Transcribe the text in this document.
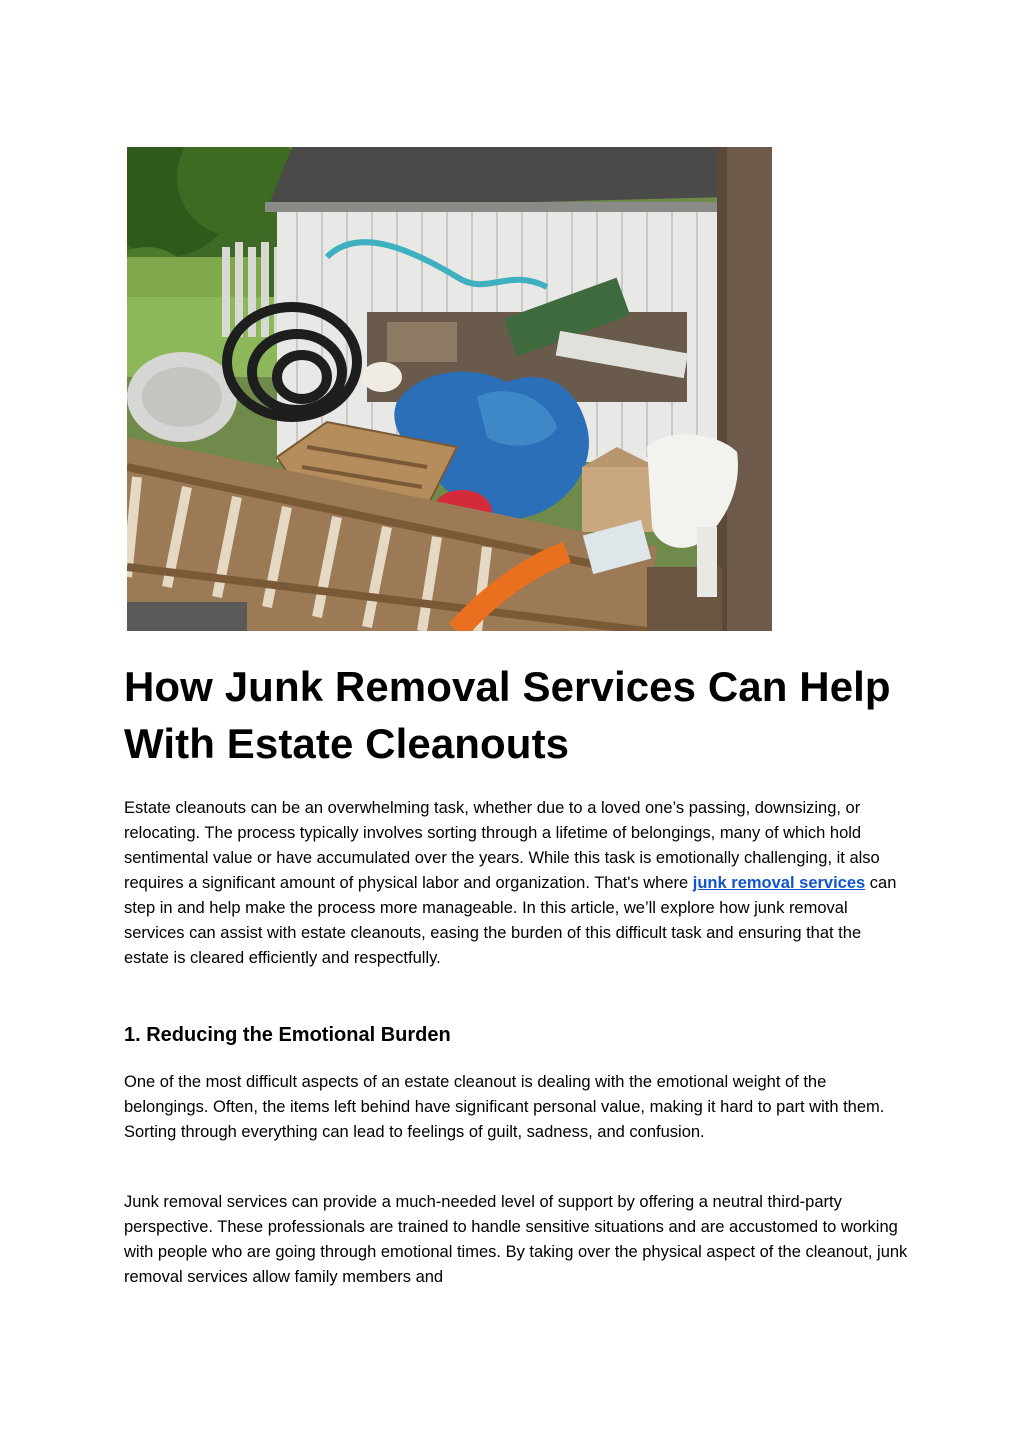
How Junk Removal Services Can Help With Estate Cleanouts

Estate cleanouts can be an overwhelming task, whether due to a loved one’s passing, downsizing, or relocating. The process typically involves sorting through a lifetime of belongings, many of which hold sentimental value or have accumulated over the years. While this task is emotionally challenging, it also requires a significant amount of physical labor and organization. That's where junk removal services can step in and help make the process more manageable. In this article, we’ll explore how junk removal services can assist with estate cleanouts, easing the burden of this difficult task and ensuring that the estate is cleared efficiently and respectfully.

1. Reducing the Emotional Burden

One of the most difficult aspects of an estate cleanout is dealing with the emotional weight of the belongings. Often, the items left behind have significant personal value, making it hard to part with them. Sorting through everything can lead to feelings of guilt, sadness, and confusion.

Junk removal services can provide a much-needed level of support by offering a neutral third-party perspective. These professionals are trained to handle sensitive situations and are accustomed to working with people who are going through emotional times. By taking over the physical aspect of the cleanout, junk removal services allow family members and
